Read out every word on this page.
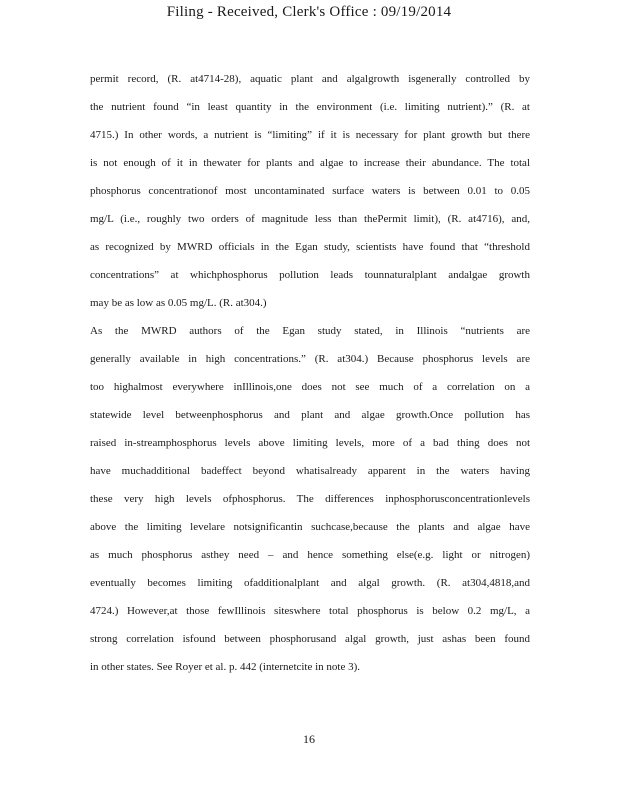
Filing - Received, Clerk's Office : 09/19/2014
permit record, (R. at4714-28), aquatic plant and algalgrowth isgenerally controlled by
the nutrient found “in least quantity in the environment (i.e. limiting nutrient).” (R. at
4715.) In other words, a nutrient is “limiting” if it is necessary for plant growth but there
is not enough of it in thewater for plants and algae to increase their abundance. The total
phosphorus concentrationof most uncontaminated surface waters is between 0.01 to 0.05
mg/L (i.e., roughly two orders of magnitude less than thePermit limit), (R. at4716), and,
as recognized by MWRD officials in the Egan study, scientists have found that “threshold
concentrations” at whichphosphorus pollution leads tounnaturalplant andalgae growth
may be as low as 0.05 mg/L. (R. at304.)
As the MWRD authors of the Egan study stated, in Illinois “nutrients are
generally available in high concentrations.” (R. at304.) Because phosphorus levels are
too highalmost everywhere inIllinois,one does not see much of a correlation on a
statewide level betweenphosphorus and plant and algae growth.Once pollution has
raised in-streamphosphorus levels above limiting levels, more of a bad thing does not
have muchadditional badeffect beyond whatisalready apparent in the waters having
these very high levels ofphosphorus. The differences inphosphorusconcentrationlevels
above the limiting levelare notsignificantin suchcase,because the plants and algae have
as much phosphorus asthey need – and hence something else(e.g. light or nitrogen)
eventually becomes limiting ofadditionalplant and algal growth. (R. at304,4818,and
4724.) However,at those fewIllinois siteswhere total phosphorus is below 0.2 mg/L, a
strong correlation isfound between phosphorusand algal growth, just ashas been found
in other states. See Royer et al. p. 442 (internetcite in note 3).
16
